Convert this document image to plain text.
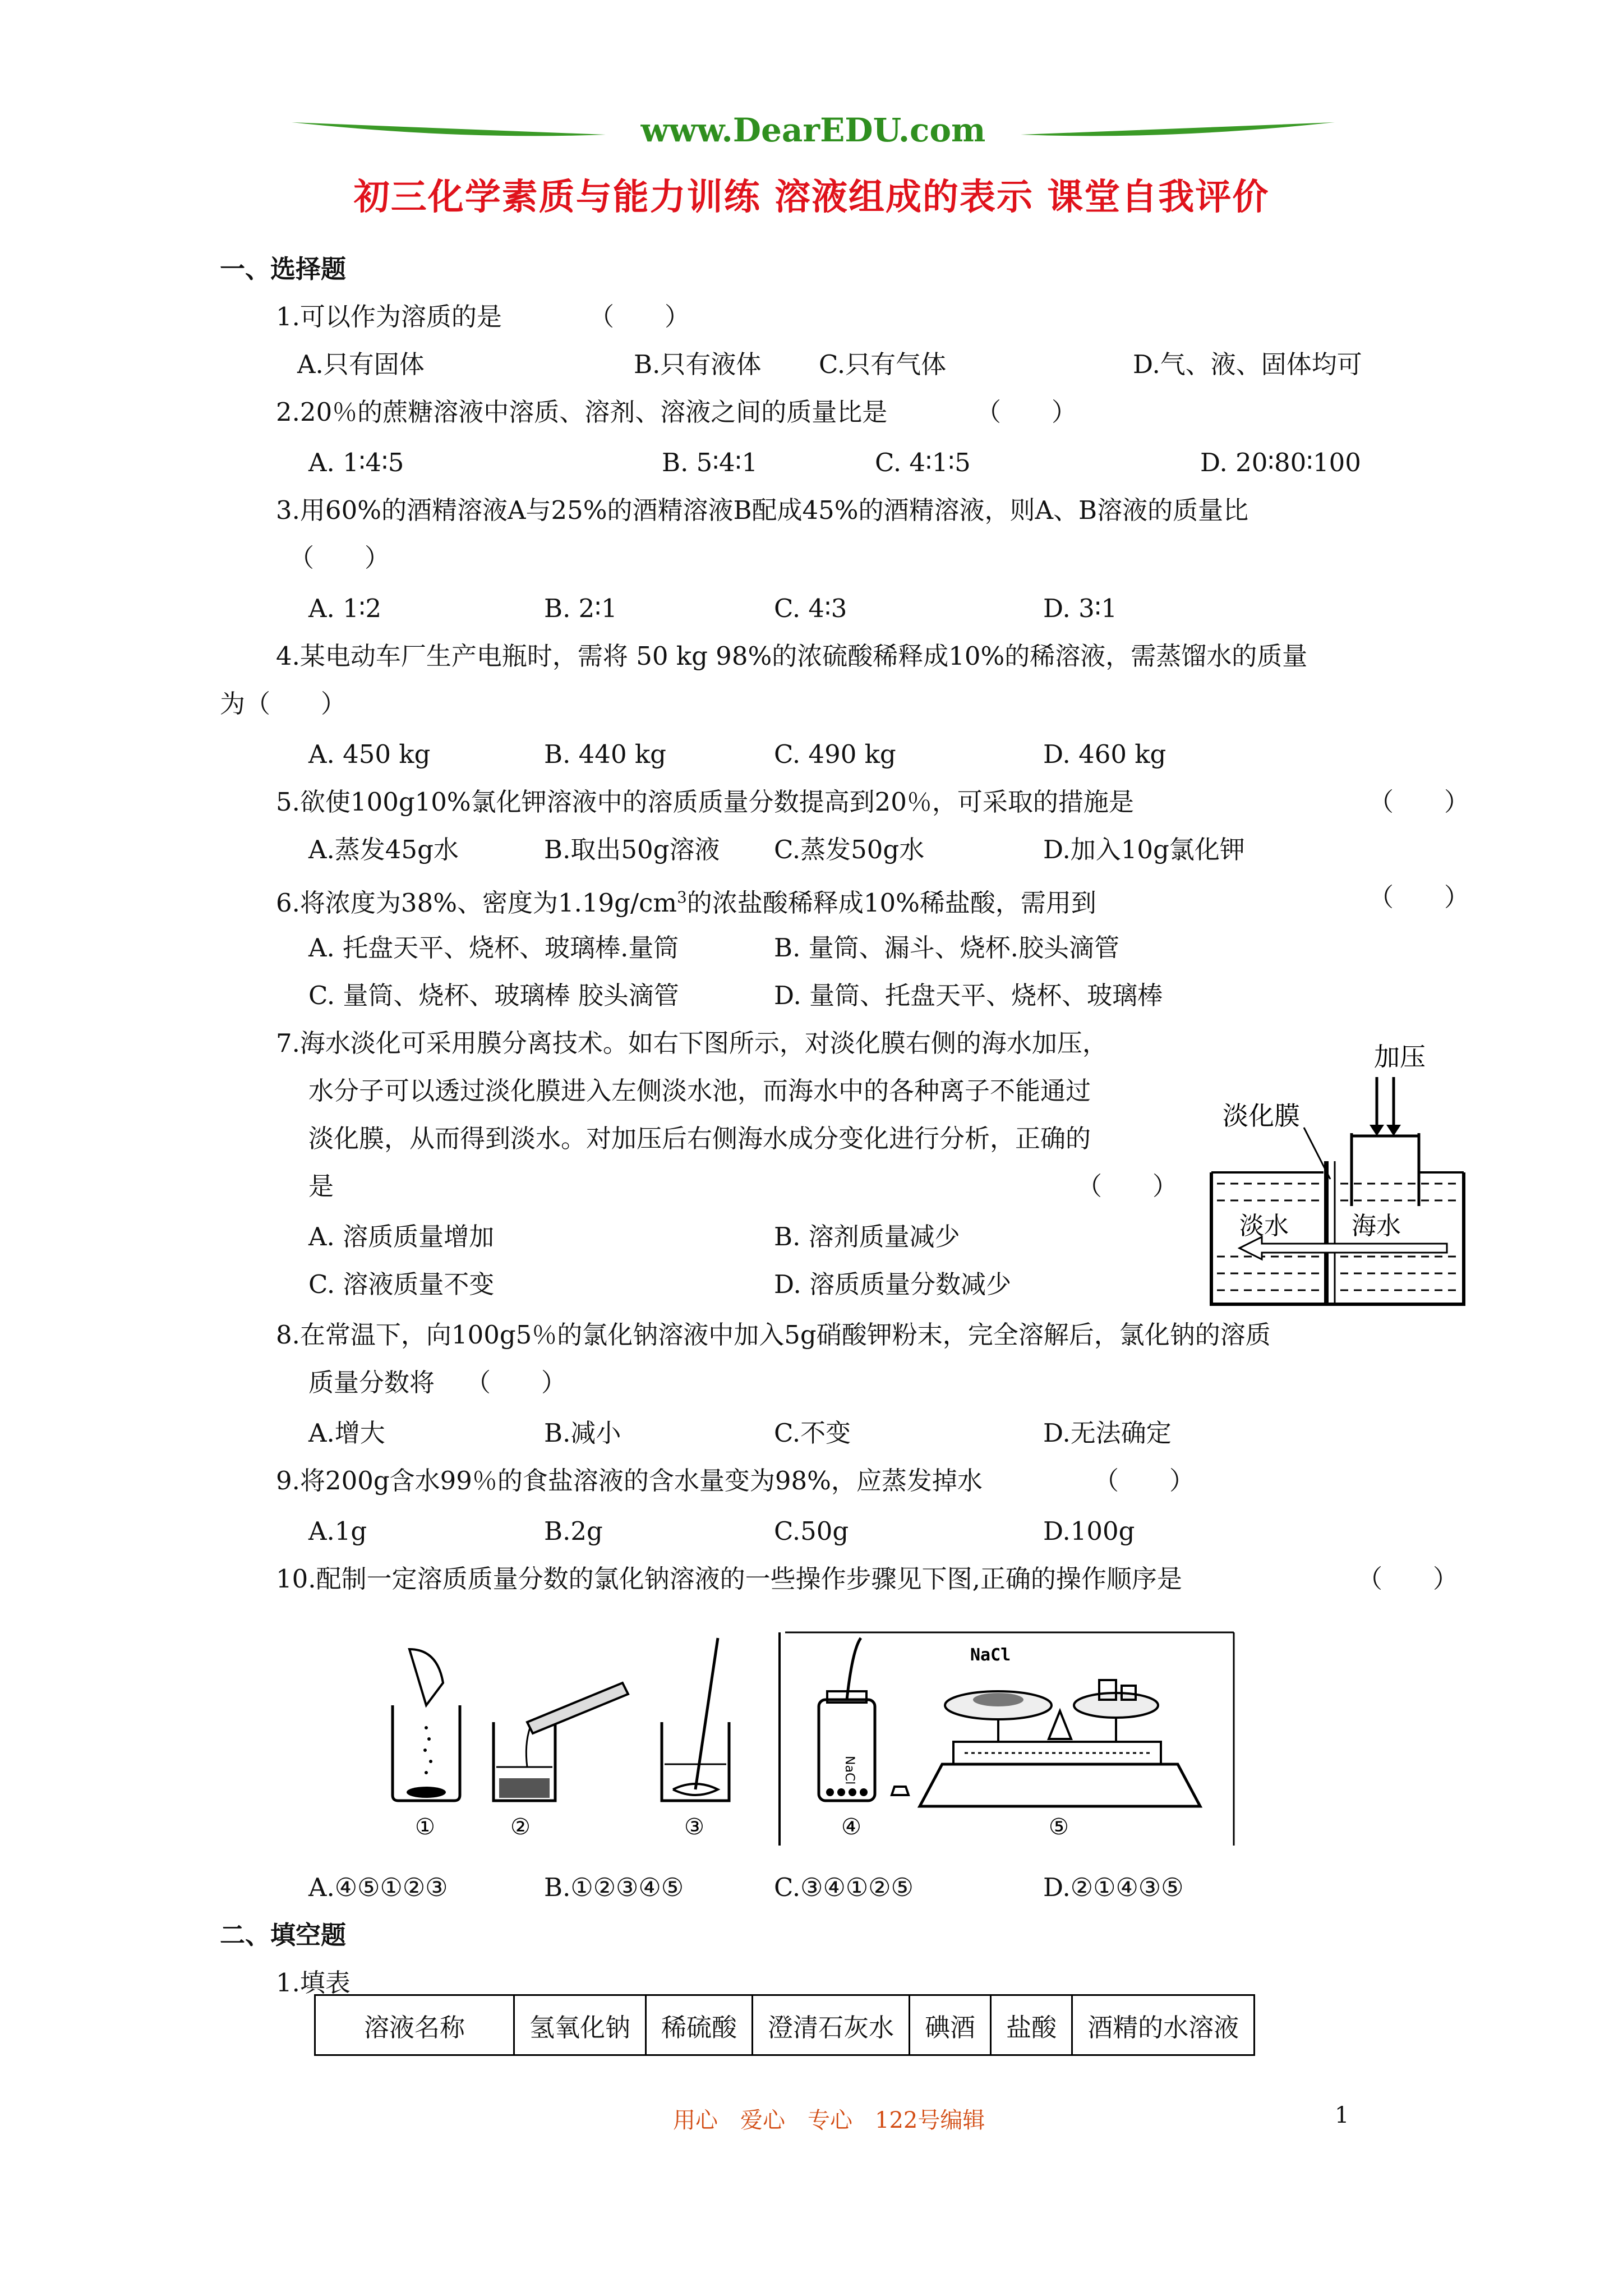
www.DearEDU.com
初三化学素质与能力训练 溶液组成的表示 课堂自我评价
一、选择题
1.可以作为溶质的是	（　　）
A.只有固体	B.只有液体 C.只有气体	D.气、液、固体均可
2.20％的蔗糖溶液中溶质、溶剂、溶液之间的质量比是	（　　）
A. 1∶4∶5	B. 5∶4∶1	C. 4∶1∶5	D. 20∶80∶100
3.用60%的酒精溶液A与25%的酒精溶液B配成45%的酒精溶液，则A、B溶液的质量比
（　　）
A. 1∶2	B. 2∶1	C. 4∶3	D. 3∶1
4.某电动车厂生产电瓶时，需将 50 kg 98%的浓硫酸稀释成10%的稀溶液，需蒸馏水的质量
为（　　）
A. 450 kg	B. 440 kg	C. 490 kg	D. 460 kg
5.欲使100g10%氯化钾溶液中的溶质质量分数提高到20％，可采取的措施是	（　　）
A.蒸发45g水	B.取出50g溶液 C.蒸发50g水	D.加入10g氯化钾
6.将浓度为38%、密度为$1.19g/cm^3$的浓盐酸稀释成10%稀盐酸，需用到	（　　）
A. 托盘天平、烧杯、玻璃棒.量筒	B. 量筒、漏斗、烧杯.胶头滴管
C. 量筒、烧杯、玻璃棒 胶头滴管	D. 量筒、托盘天平、烧杯、玻璃棒
7.海水淡化可采用膜分离技术。如右下图所示，对淡化膜右侧的海水加压，
水分子可以透过淡化膜进入左侧淡水池，而海水中的各种离子不能通过
淡化膜，从而得到淡水。对加压后右侧海水成分变化进行分析，正确的
是	（　　）
A. 溶质质量增加	B. 溶剂质量减少
C. 溶液质量不变	D. 溶质质量分数减少
加压
淡化膜
淡水	海水
8.在常温下，向100g5％的氯化钠溶液中加入5g硝酸钾粉末，完全溶解后，氯化钠的溶质
质量分数将 （　　）
A.增大	B.减小	C.不变	D.无法确定
9.将200g含水99％的食盐溶液的含水量变为98%，应蒸发掉水	（　　）
A.1g	B.2g	C.50g	D.100g
10.配制一定溶质质量分数的氯化钠溶液的一些操作步骤见下图,正确的操作顺序是	（　　）
①	②	③
NaCl
④
NaCl
⑤
A.④⑤①②③	B.①②③④⑤	C.③④①②⑤	D.②①④③⑤
二、填空题
1.填表
溶液名称	氢氧化钠	稀硫酸	澄清石灰水	碘酒	盐酸	酒精的水溶液
用心　爱心　专心　122号编辑	1
